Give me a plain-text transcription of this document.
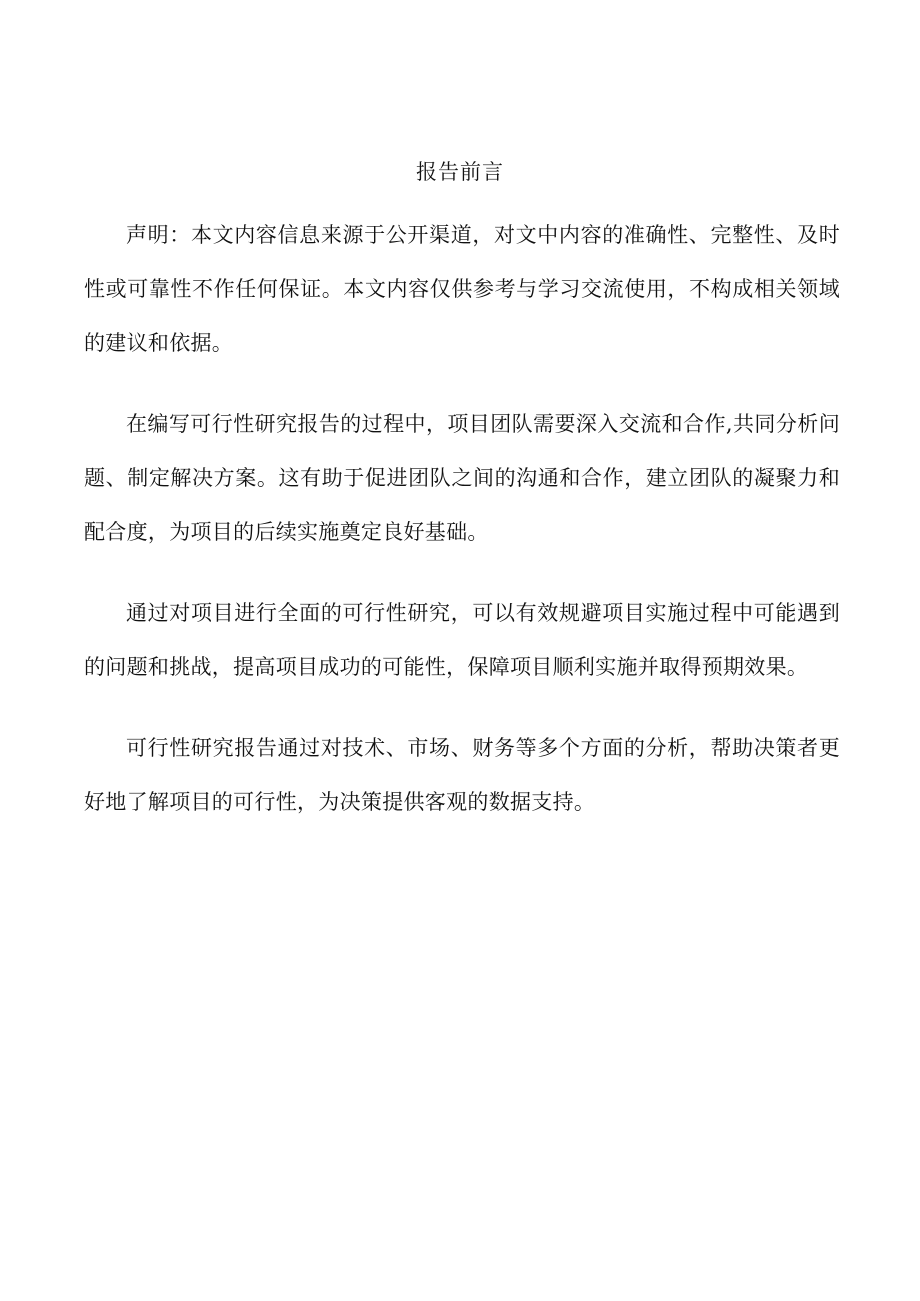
报告前言

声明：本文内容信息来源于公开渠道，对文中内容的准确性、完整性、及时性或可靠性不作任何保证。本文内容仅供参考与学习交流使用，不构成相关领域的建议和依据。

在编写可行性研究报告的过程中，项目团队需要深入交流和合作,共同分析问题、制定解决方案。这有助于促进团队之间的沟通和合作，建立团队的凝聚力和配合度，为项目的后续实施奠定良好基础。

通过对项目进行全面的可行性研究，可以有效规避项目实施过程中可能遇到的问题和挑战，提高项目成功的可能性，保障项目顺利实施并取得预期效果。

可行性研究报告通过对技术、市场、财务等多个方面的分析，帮助决策者更好地了解项目的可行性，为决策提供客观的数据支持。
